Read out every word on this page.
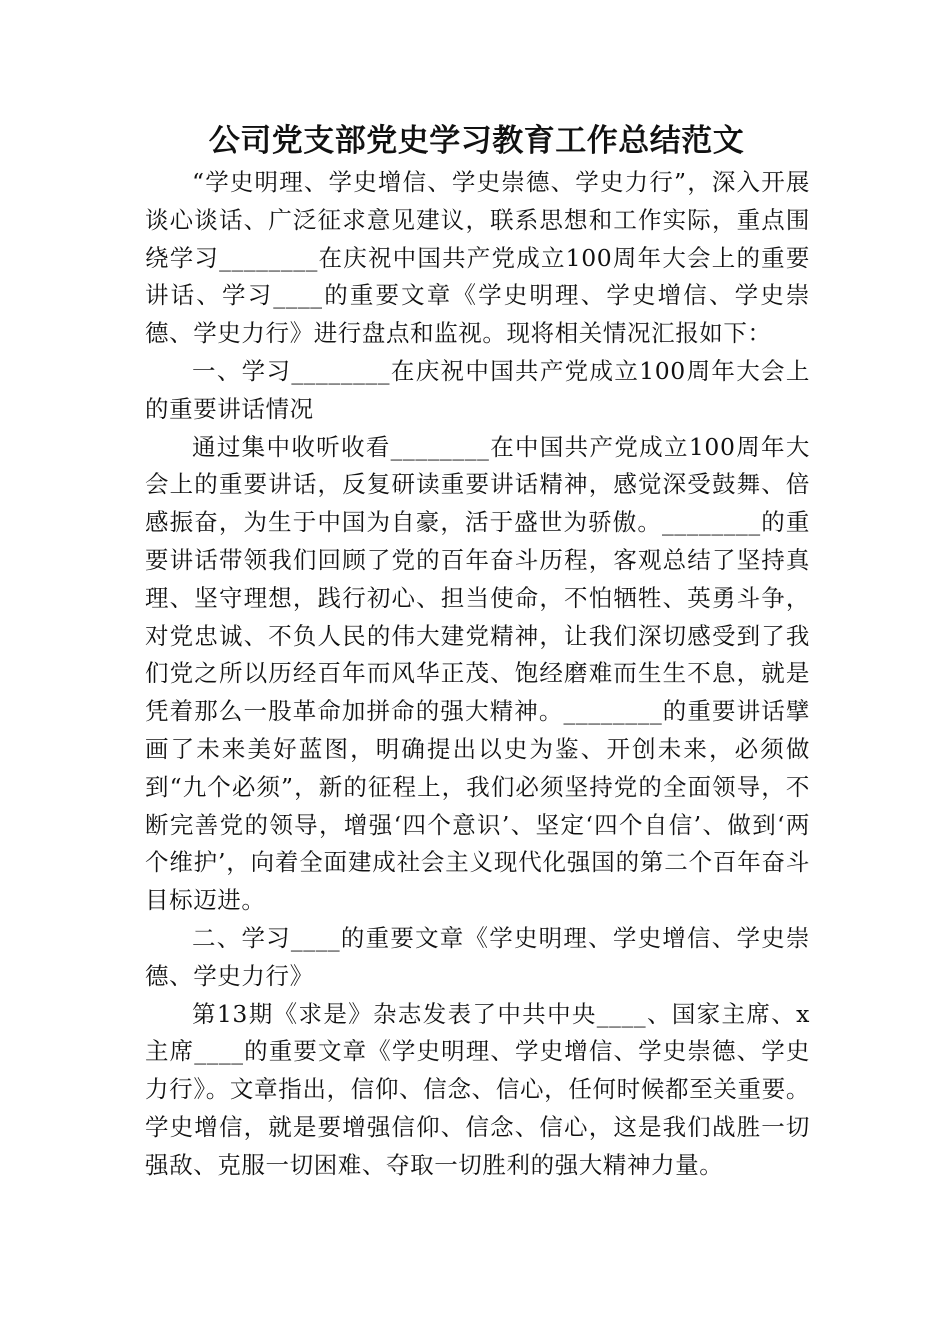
公司党支部党史学习教育工作总结范文

“学史明理、学史增信、学史崇德、学史力行”，深入开展谈心谈话、广泛征求意见建议，联系思想和工作实际，重点围绕学习________在庆祝中国共产党成立100周年大会上的重要讲话、学习____的重要文章《学史明理、学史增信、学史崇德、学史力行》进行盘点和监视。现将相关情况汇报如下：

一、学习________在庆祝中国共产党成立100周年大会上的重要讲话情况

通过集中收听收看________在中国共产党成立100周年大会上的重要讲话，反复研读重要讲话精神，感觉深受鼓舞、倍感振奋，为生于中国为自豪，活于盛世为骄傲。________的重要讲话带领我们回顾了党的百年奋斗历程，客观总结了坚持真理、坚守理想，践行初心、担当使命，不怕牺牲、英勇斗争，对党忠诚、不负人民的伟大建党精神，让我们深切感受到了我们党之所以历经百年而风华正茂、饱经磨难而生生不息，就是凭着那么一股革命加拼命的强大精神。________的重要讲话擘画了未来美好蓝图，明确提出以史为鉴、开创未来，必须做到“九个必须”，新的征程上，我们必须坚持党的全面领导，不断完善党的领导，增强‘四个意识’、坚定‘四个自信’、做到‘两个维护’，向着全面建成社会主义现代化强国的第二个百年奋斗目标迈进。

二、学习____的重要文章《学史明理、学史增信、学史崇德、学史力行》

第13期《求是》杂志发表了中共中央____、国家主席、x主席____的重要文章《学史明理、学史增信、学史崇德、学史力行》。文章指出，信仰、信念、信心，任何时候都至关重要。学史增信，就是要增强信仰、信念、信心，这是我们战胜一切强敌、克服一切困难、夺取一切胜利的强大精神力量。
